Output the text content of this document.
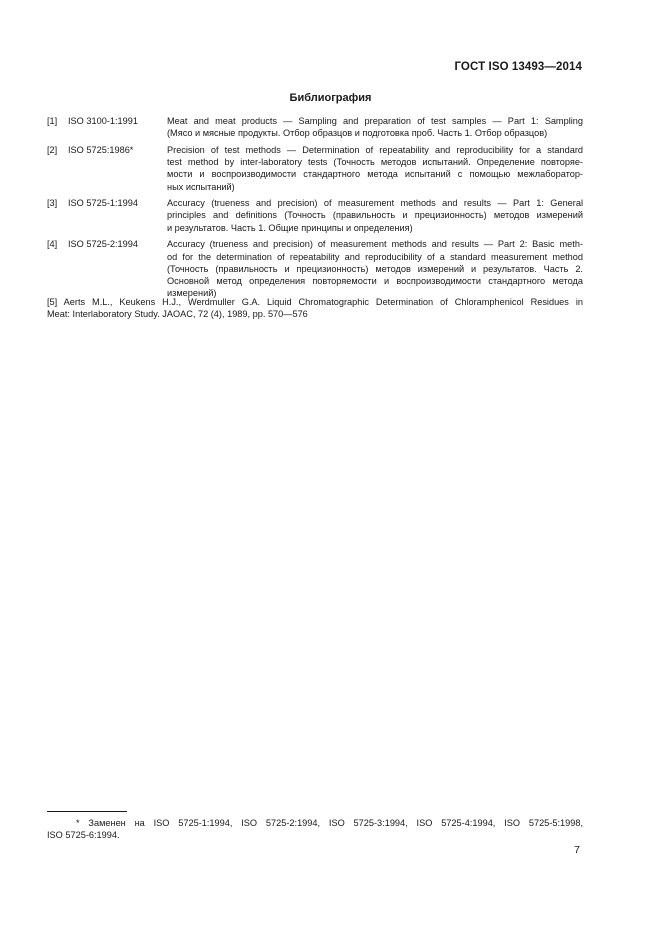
ГОСТ ISO 13493—2014
Библиография
[1]	ISO 3100-1:1991	Meat and meat products — Sampling and preparation of test samples — Part 1: Sampling
(Мясо и мясные продукты. Отбор образцов и подготовка проб. Часть 1. Отбор образцов)
[2]	ISO 5725:1986*	Precision of test methods — Determination of repeatability and reproducibility for a standard
test method by inter-laboratory tests (Точность методов испытаний. Определение повторяе-
мости и воспроизводимости стандартного метода испытаний с помощью межлаборатор-
ных испытаний)
[3]	ISO 5725-1:1994	Accuracy (trueness and precision) of measurement methods and results — Part 1: General
principles and definitions (Точность (правильность и прецизионность) методов измерений
и результатов. Часть 1. Общие принципы и определения)
[4]	ISO 5725-2:1994	Accuracy (trueness and precision) of measurement methods and results — Part 2: Basic meth-
od for the determination of repeatability and reproducibility of a standard measurement method
(Точность (правильность и прецизионность) методов измерений и результатов. Часть 2.
Основной метод определения повторяемости и воспроизводимости стандартного метода
измерений)
[5] Aerts M.L., Keukens H.J., Werdmuller G.A. Liquid Chromatographic Determination of Chloramphenicol Residues in
Meat: Interlaboratory Study. JAOAC, 72 (4), 1989, pp. 570—576
* Заменен на ISO 5725-1:1994, ISO 5725-2:1994, ISO 5725-3:1994, ISO 5725-4:1994, ISO 5725-5:1998,
ISO 5725-6:1994.
7
